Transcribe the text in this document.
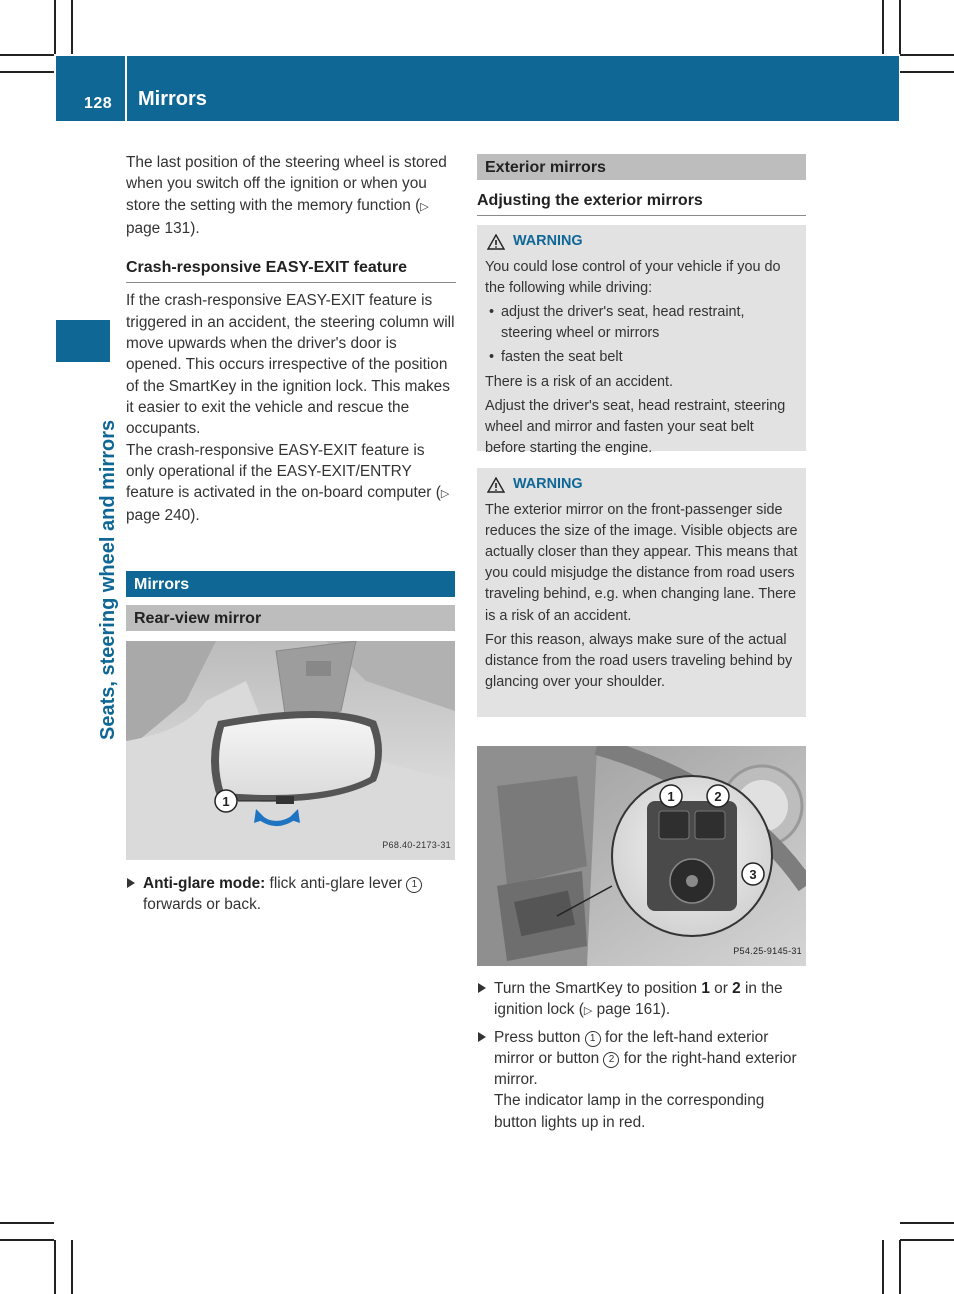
128 Mirrors
Seats, steering wheel and mirrors

The last position of the steering wheel is stored when you switch off the ignition or when you store the setting with the memory function (▷ page 131).

Crash-responsive EASY-EXIT feature

If the crash-responsive EASY-EXIT feature is triggered in an accident, the steering column will move upwards when the driver's door is opened. This occurs irrespective of the position of the SmartKey in the ignition lock. This makes it easier to exit the vehicle and rescue the occupants.

The crash-responsive EASY-EXIT feature is only operational if the EASY-EXIT/ENTRY feature is activated in the on-board computer (▷ page 240).

Mirrors
Rear-view mirror
1
P68.40-2173-31
Anti-glare mode: flick anti-glare lever 1 forwards or back.
Exterior mirrors
Adjusting the exterior mirrors
WARNING

You could lose control of your vehicle if you do the following while driving:

• adjust the driver's seat, head restraint, steering wheel or mirrors

• fasten the seat belt

There is a risk of an accident.

Adjust the driver's seat, head restraint, steering wheel and mirror and fasten your seat belt before starting the engine.

WARNING

The exterior mirror on the front-passenger side reduces the size of the image. Visible objects are actually closer than they appear. This means that you could misjudge the distance from road users traveling behind, e.g. when changing lane. There is a risk of an accident.

For this reason, always make sure of the actual distance from the road users traveling behind by glancing over your shoulder.

1	2
3
P54.25-9145-31
Turn the SmartKey to position 1 or 2 in the ignition lock (▷ page 161).
Press button 1 for the left-hand exterior mirror or button 2 for the right-hand exterior mirror.
The indicator lamp in the corresponding button lights up in red.
